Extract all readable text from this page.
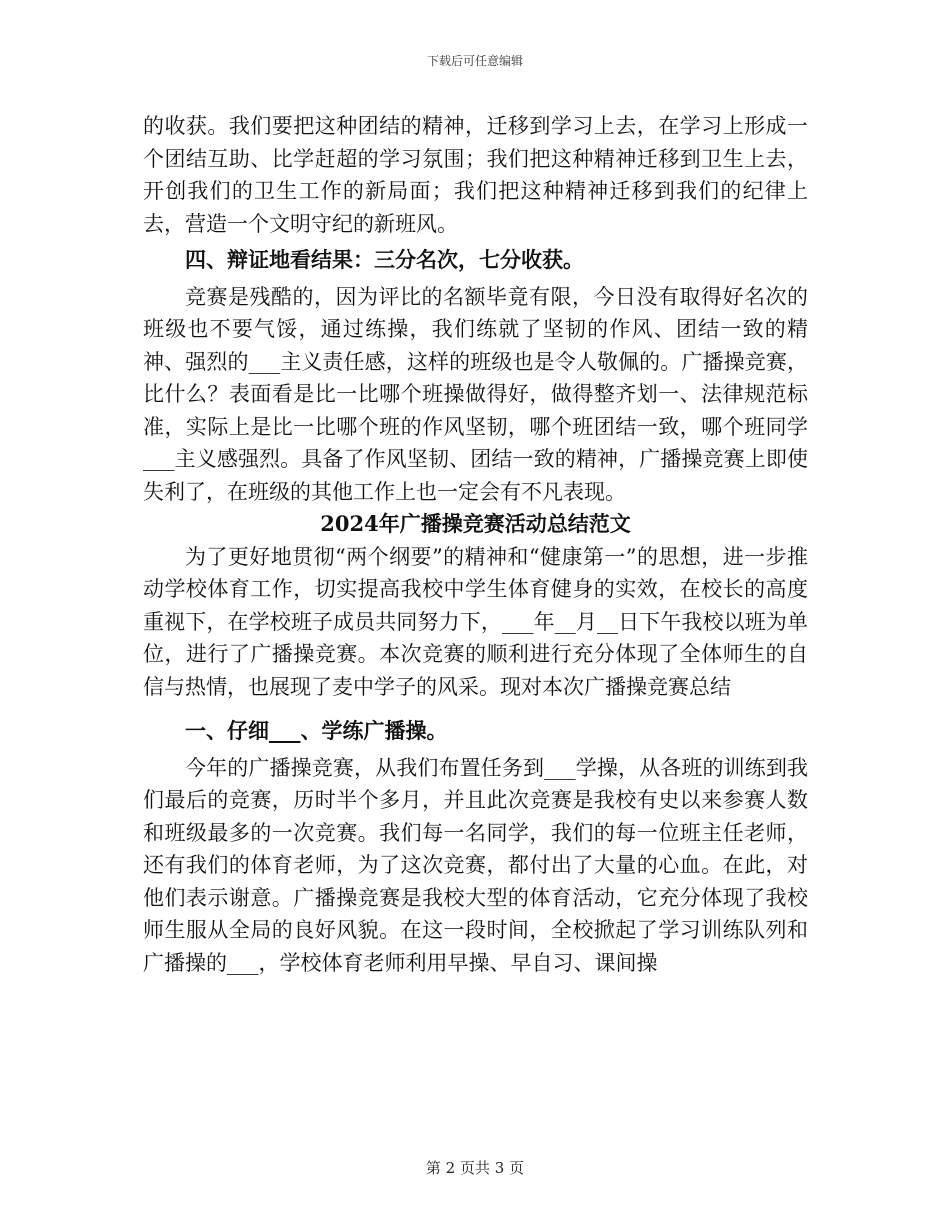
下载后可任意编辑

的收获。我们要把这种团结的精神，迁移到学习上去，在学习上形成一个团结互助、比学赶超的学习氛围；我们把这种精神迁移到卫生上去，开创我们的卫生工作的新局面；我们把这种精神迁移到我们的纪律上去，营造一个文明守纪的新班风。

四、辩证地看结果：三分名次，七分收获。

竞赛是残酷的，因为评比的名额毕竟有限，今日没有取得好名次的班级也不要气馁，通过练操，我们练就了坚韧的作风、团结一致的精神、强烈的___主义责任感，这样的班级也是令人敬佩的。广播操竞赛，比什么？表面看是比一比哪个班操做得好，做得整齐划一、法律规范标准，实际上是比一比哪个班的作风坚韧，哪个班团结一致，哪个班同学___主义感强烈。具备了作风坚韧、团结一致的精神，广播操竞赛上即使失利了，在班级的其他工作上也一定会有不凡表现。

2024年广播操竞赛活动总结范文

为了更好地贯彻“两个纲要”的精神和“健康第一”的思想，进一步推动学校体育工作，切实提高我校中学生体育健身的实效，在校长的高度重视下，在学校班子成员共同努力下，___年__月__日下午我校以班为单位，进行了广播操竞赛。本次竞赛的顺利进行充分体现了全体师生的自信与热情，也展现了麦中学子的风采。现对本次广播操竞赛总结

一、仔细___、学练广播操。

今年的广播操竞赛，从我们布置任务到___学操，从各班的训练到我们最后的竞赛，历时半个多月，并且此次竞赛是我校有史以来参赛人数和班级最多的一次竞赛。我们每一名同学，我们的每一位班主任老师，还有我们的体育老师，为了这次竞赛，都付出了大量的心血。在此，对他们表示谢意。广播操竞赛是我校大型的体育活动，它充分体现了我校师生服从全局的良好风貌。在这一段时间，全校掀起了学习训练队列和广播操的___，学校体育老师利用早操、早自习、课间操

第 2 页共 3 页
